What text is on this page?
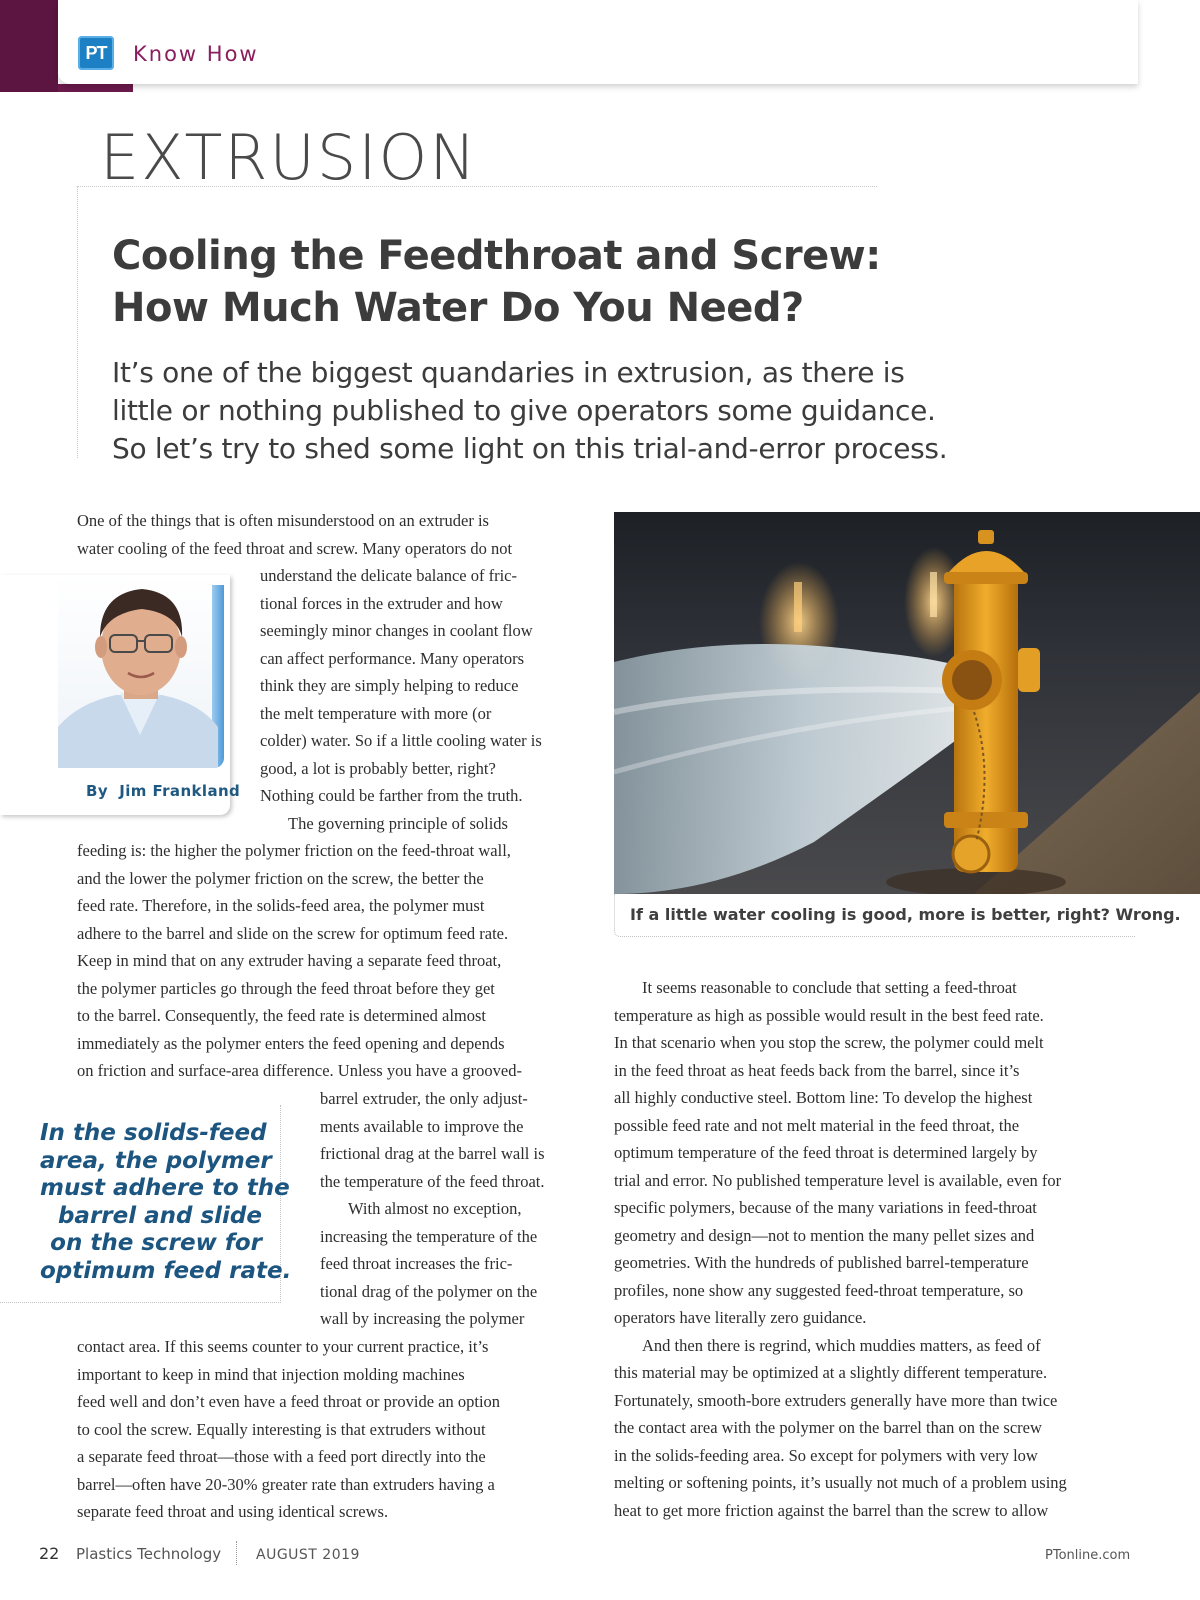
PT	Know How
EXTRUSION
Cooling the Feedthroat and Screw:
How Much Water Do You Need?
It’s one of the biggest quandaries in extrusion, as there is
little or nothing published to give operators some guidance.
So let’s try to shed some light on this trial-and-error process.
By Jim Frankland
One of the things that is often misunderstood on an extruder is
water cooling of the feed throat and screw. Many operators do not
understand the delicate balance of fric-
tional forces in the extruder and how
seemingly minor changes in coolant flow
can affect performance. Many operators
think they are simply helping to reduce
the melt temperature with more (or
colder) water. So if a little cooling water is
good, a lot is probably better, right?
Nothing could be farther from the truth.
The governing principle of solids
feeding is: the higher the polymer friction on the feed-throat wall,
and the lower the polymer friction on the screw, the better the
feed rate. Therefore, in the solids-feed area, the polymer must
adhere to the barrel and slide on the screw for optimum feed rate.
Keep in mind that on any extruder having a separate feed throat,
the polymer particles go through the feed throat before they get
to the barrel. Consequently, the feed rate is determined almost
immediately as the polymer enters the feed opening and depends
on friction and surface-area difference. Unless you have a grooved-
barrel extruder, the only adjust-
ments available to improve the
frictional drag at the barrel wall is
the temperature of the feed throat.
With almost no exception,
increasing the temperature of the
feed throat increases the fric-
tional drag of the polymer on the
wall by increasing the polymer
contact area. If this seems counter to your current practice, it’s
important to keep in mind that injection molding machines
feed well and don’t even have a feed throat or provide an option
to cool the screw. Equally interesting is that extruders without
a separate feed throat—those with a feed port directly into the
barrel—often have 20-30% greater rate than extruders having a
separate feed throat and using identical screws.
In the solids-feed
area, the polymer
must adhere to the
barrel and slide
on the screw for
optimum feed rate.
If a little water cooling is good, more is better, right? Wrong.
It seems reasonable to conclude that setting a feed-throat
temperature as high as possible would result in the best feed rate.
In that scenario when you stop the screw, the polymer could melt
in the feed throat as heat feeds back from the barrel, since it’s
all highly conductive steel. Bottom line: To develop the highest
possible feed rate and not melt material in the feed throat, the
optimum temperature of the feed throat is determined largely by
trial and error. No published temperature level is available, even for
specific polymers, because of the many variations in feed-throat
geometry and design—not to mention the many pellet sizes and
geometries. With the hundreds of published barrel-temperature
profiles, none show any suggested feed-throat temperature, so
operators have literally zero guidance.
And then there is regrind, which muddies matters, as feed of
this material may be optimized at a slightly different temperature.
Fortunately, smooth-bore extruders generally have more than twice
the contact area with the polymer on the barrel than on the screw
in the solids-feeding area. So except for polymers with very low
melting or softening points, it’s usually not much of a problem using
heat to get more friction against the barrel than the screw to allow
22 Plastics Technology AUGUST 2019	PTonline.com
